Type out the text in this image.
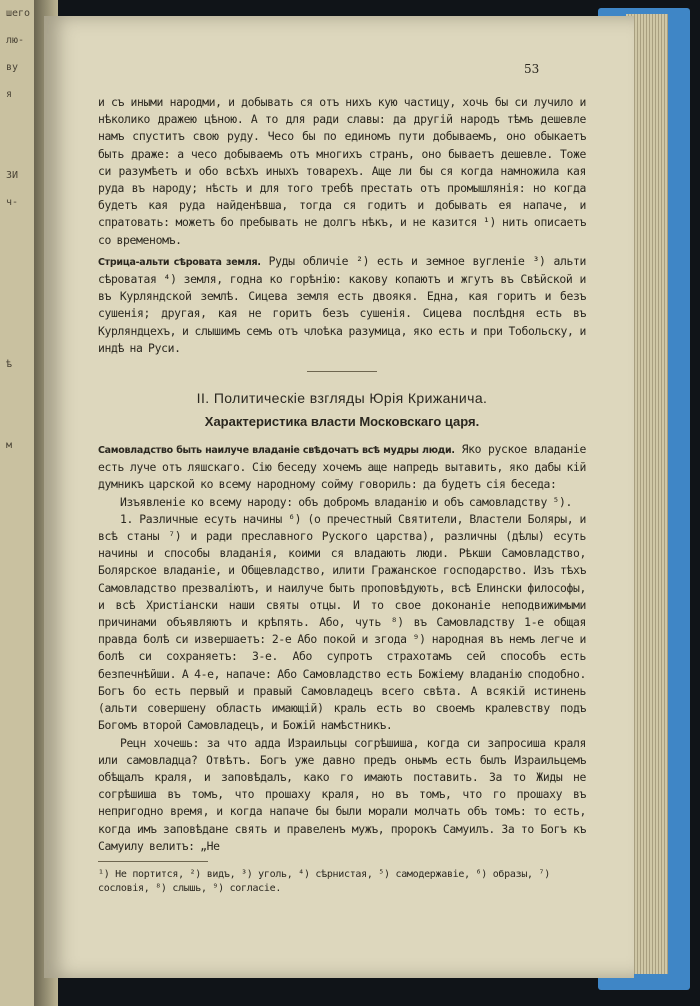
шего
лю-
ву
я

ЗИ
ч-

ѣ

м

53

и съ иными народми, и добывать ся отъ нихъ кую частицу, хочь бы си лучило и нѣколико дражею цѣною. А то для ради славы: да другій народъ тѣмъ дешевле намъ спуститъ свою руду. Чесо бы по единомъ пути добываемъ, оно обыкаетъ быть драже: а чесо добываемъ отъ многихъ странъ, оно бываетъ дешевле. Тоже си разумѣетъ и обо всѣхъ иныхъ товарехъ. Аще ли бы ся когда намножила кая руда въ народу; нѣсть и для того требѣ престать отъ промышлянія: но когда будетъ кая руда найденѣвша, тогда ся годитъ и добывать ея напаче, и спратовать: можетъ бо пребывать не долгъ нѣкъ, и не казится ¹) нить описаетъ со временомъ.

Стрица-альти сѣровата земля. Руды обличіе ²) есть и земное вугленіе ³) альти сѣроватая ⁴) земля, годна ко горѣнію: какову копаютъ и жгутъ въ Свѣйской и въ Курляндской землѣ. Сицева земля есть двоякя. Една, кая горитъ и безъ сушенія; другая, кая не горитъ безъ сушенія. Сицева послѣдня есть въ Курляндцехъ, и слышимъ семъ отъ члоѣка разумица, яко есть и при Тобольску, и индѣ на Руси.

II. Политическіе взгляды Юрія Крижанича.
Характеристика власти Московскаго царя.

Самовладство быть наилуче владаніе свѣдочатъ всѣ мудры люди. Яко руское владаніе есть луче отъ ляшскаго. Сію беседу хочемъ аще напредь вытавить, яко дабы кій думникъ царской ко всему народному сойму говориль: да будетъ сія беседа:

Изъявленіе ко всему народу: объ добромъ владанію и объ самовладству ⁵).

1. Различные есуть начины ⁶) (о пречестный Святители, Властели Боляры, и всѣ станы ⁷) и ради преславного Руского царства), различны (дѣлы) есуть начины и способы владанія, коими ся владають люди. Рѣкши Самовладство, Болярское владаніе, и Общевладство, илити Гражанское господарство. Изъ тѣхъ Самовладство презваліютъ, и наилуче быть проповѣдують, всѣ Елински философы, и всѣ Христіански наши святы отцы. И то свое доконаніе неподвижимыми причинами объявляютъ и крѣпять. Або, чуть ⁸) въ Самовладству 1-е общая правда болѣ си извершаетъ: 2-е Або покой и згода ⁹) народная въ немъ легче и болѣ си сохраняетъ: 3-е. Або супротъ страхотамъ сей способъ есть безпечнѣйши. А 4-е, напаче: Або Самовладство есть Божіему владанію сподобно. Богъ бо есть первый и правый Самовладецъ всего свѣта. А всякій истинень (альти совершену область имающій) краль есть во своемъ кралевству подъ Богомъ второй Самовладецъ, и Божій намѣстникъ.

Рецн хочешь: за что адда Израильцы согрѣшиша, когда си запросиша краля или самовладца? Отвѣтъ. Богъ уже давно предъ онымъ есть былъ Израильцемъ обѣщалъ краля, и заповѣдалъ, како го имають поставить. За то Жиды не согрѣшиша въ томъ, что прошаху краля, но въ томъ, что го прошаху въ непригодно время, и когда напаче бы были морали молчать объ томъ: то есть, когда имъ заповѣдане свять и правеленъ мужъ, пророкъ Самуилъ. За то Богъ къ Самуилу велитъ: „Не

¹) Не портится, ²) видъ, ³) уголь, ⁴) сѣрнистая, ⁵) самодержавіе, ⁶) образы, ⁷) сословія, ⁸) слышь, ⁹) согласіе.
